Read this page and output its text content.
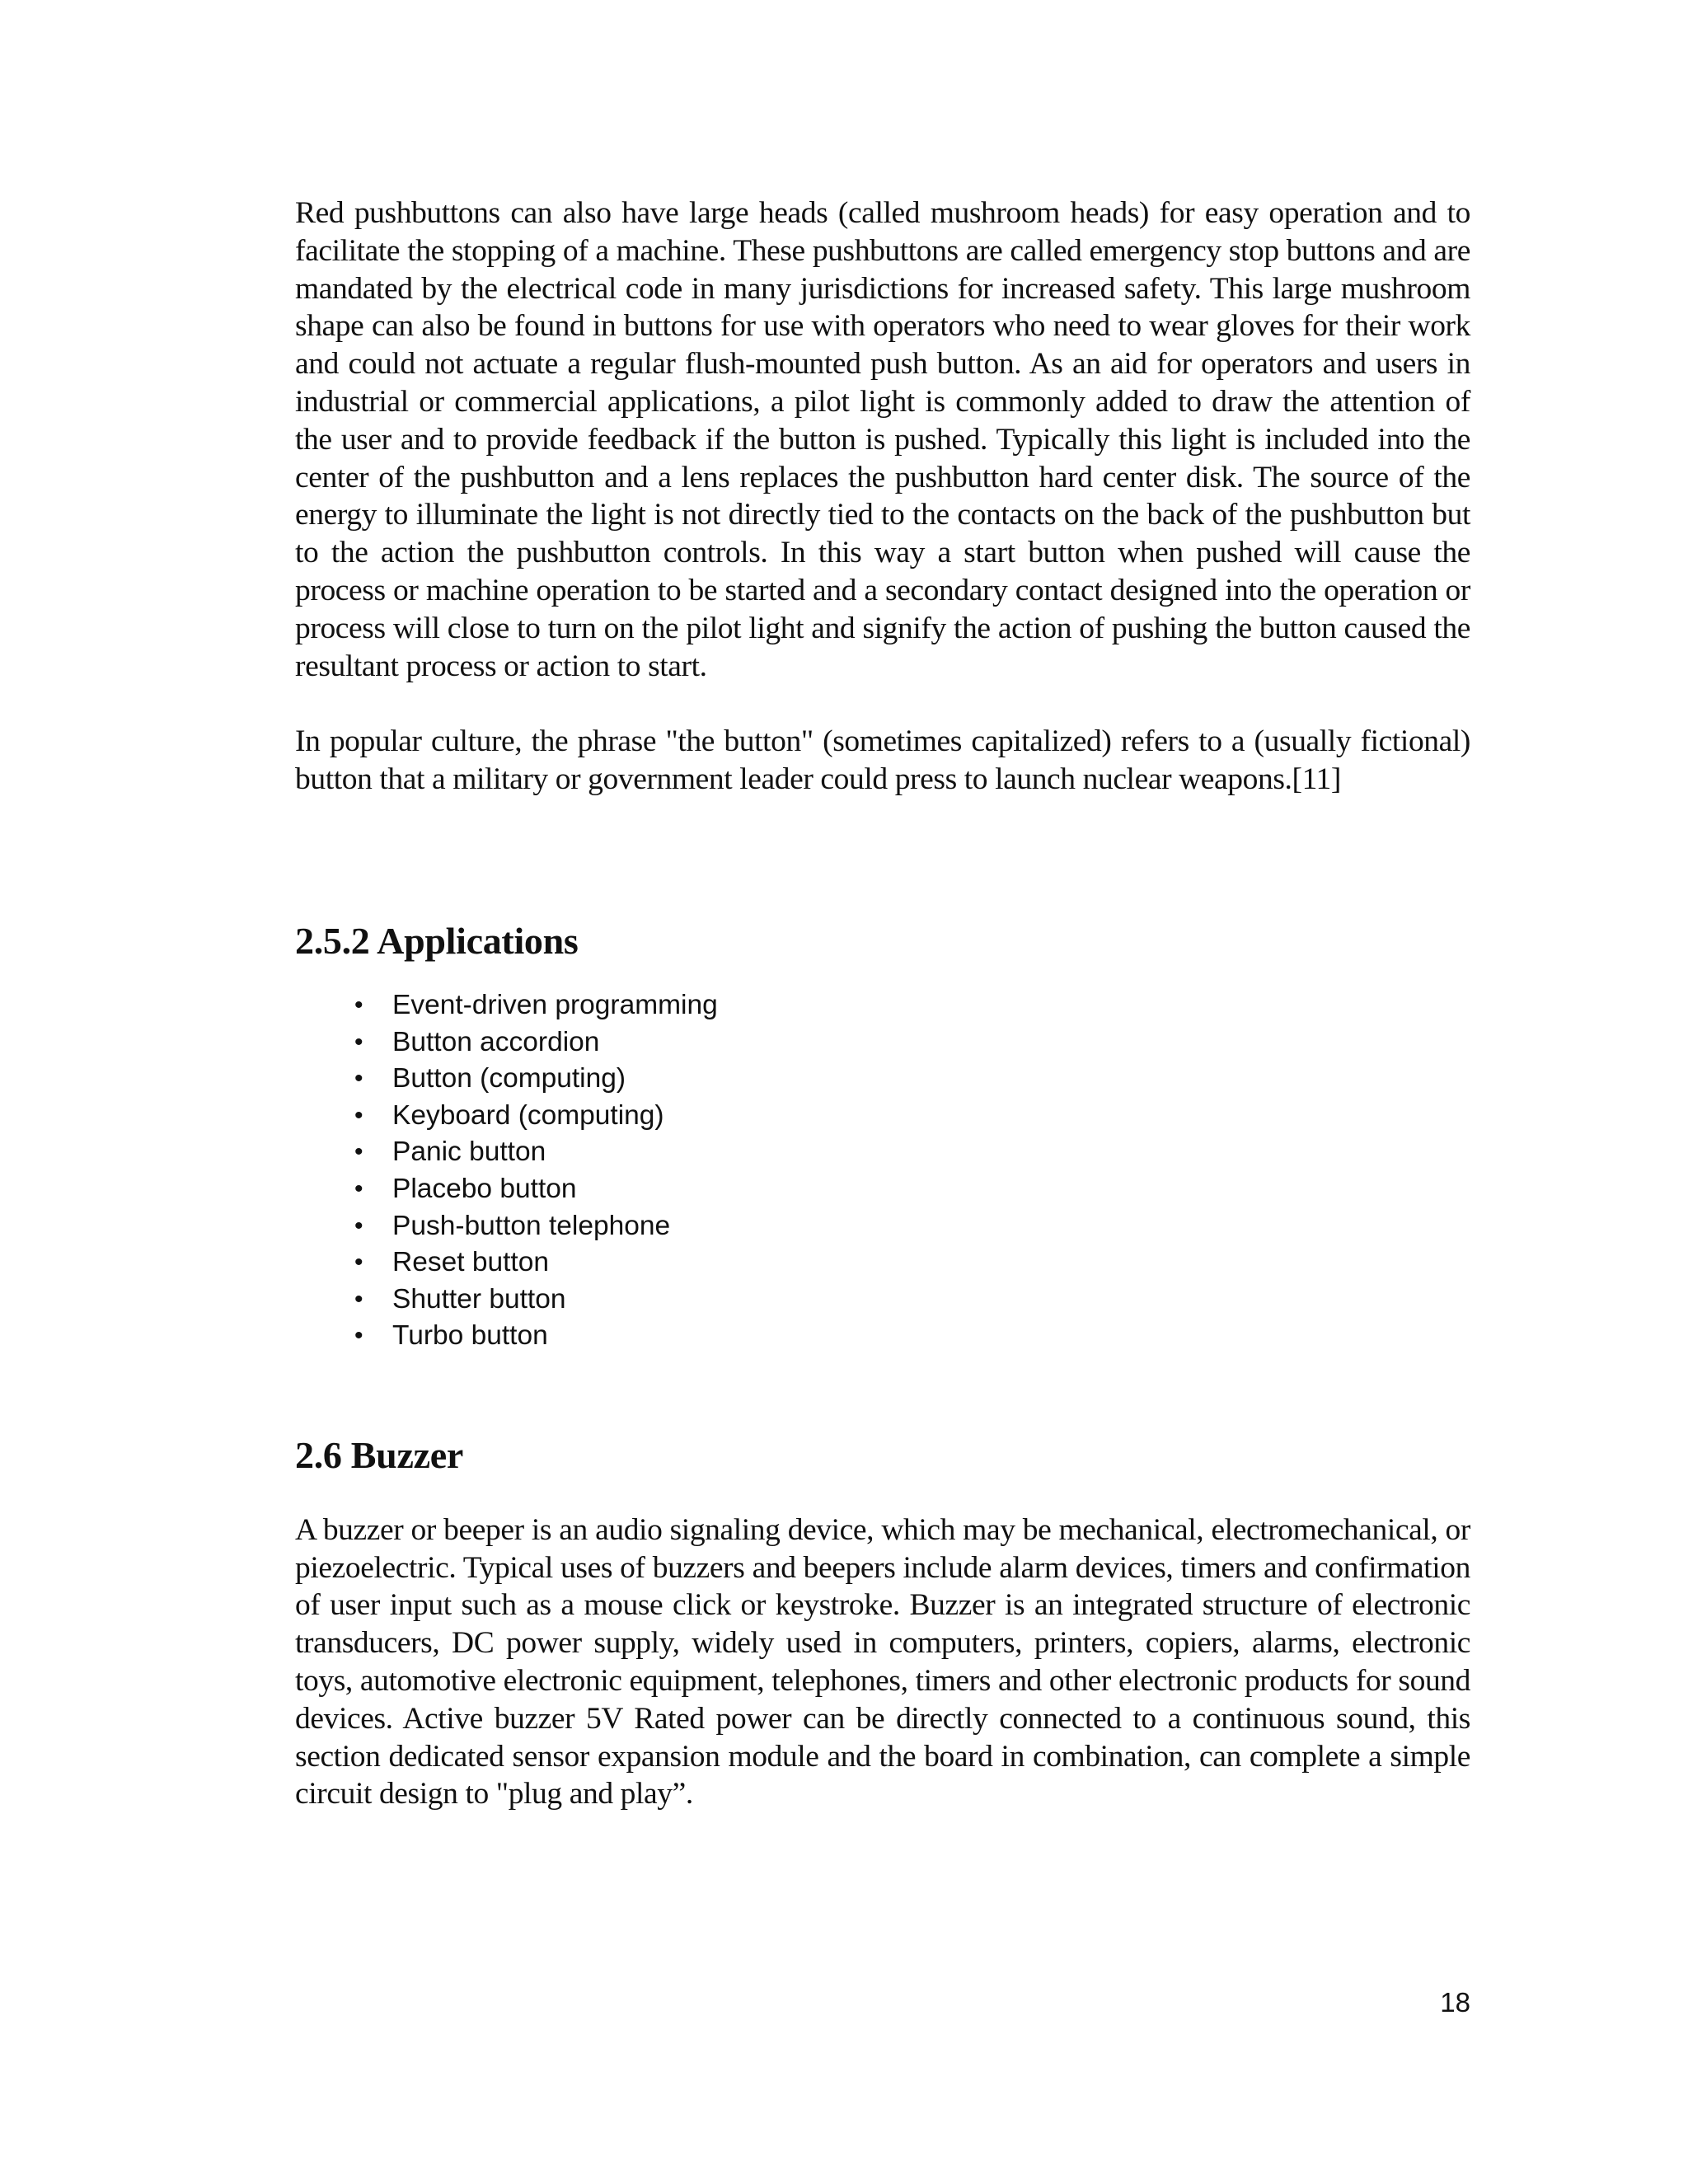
Red pushbuttons can also have large heads (called mushroom heads) for easy operation and to facilitate the stopping of a machine. These pushbuttons are called emergency stop buttons and are mandated by the electrical code in many jurisdictions for increased safety. This large mushroom shape can also be found in buttons for use with operators who need to wear gloves for their work and could not actuate a regular flush-mounted push button. As an aid for operators and users in industrial or commercial applications, a pilot light is commonly added to draw the attention of the user and to provide feedback if the button is pushed. Typically this light is included into the center of the pushbutton and a lens replaces the pushbutton hard center disk. The source of the energy to illuminate the light is not directly tied to the contacts on the back of the pushbutton but to the action the pushbutton controls. In this way a start button when pushed will cause the process or machine operation to be started and a secondary contact designed into the operation or process will close to turn on the pilot light and signify the action of pushing the button caused the resultant process or action to start.

In popular culture, the phrase "the button" (sometimes capitalized) refers to a (usually fictional) button that a military or government leader could press to launch nuclear weapons.[11]

2.5.2 Applications
• Event-driven programming
• Button accordion
• Button (computing)
• Keyboard (computing)
• Panic button
• Placebo button
• Push-button telephone
• Reset button
• Shutter button
• Turbo button
2.6 Buzzer

A buzzer or beeper is an audio signaling device, which may be mechanical, electromechanical, or piezoelectric. Typical uses of buzzers and beepers include alarm devices, timers and confirmation of user input such as a mouse click or keystroke. Buzzer is an integrated structure of electronic transducers, DC power supply, widely used in computers, printers, copiers, alarms, electronic toys, automotive electronic equipment, telephones, timers and other electronic products for sound devices. Active buzzer 5V Rated power can be directly connected to a continuous sound, this section dedicated sensor expansion module and the board in combination, can complete a simple circuit design to "plug and play”.

18
